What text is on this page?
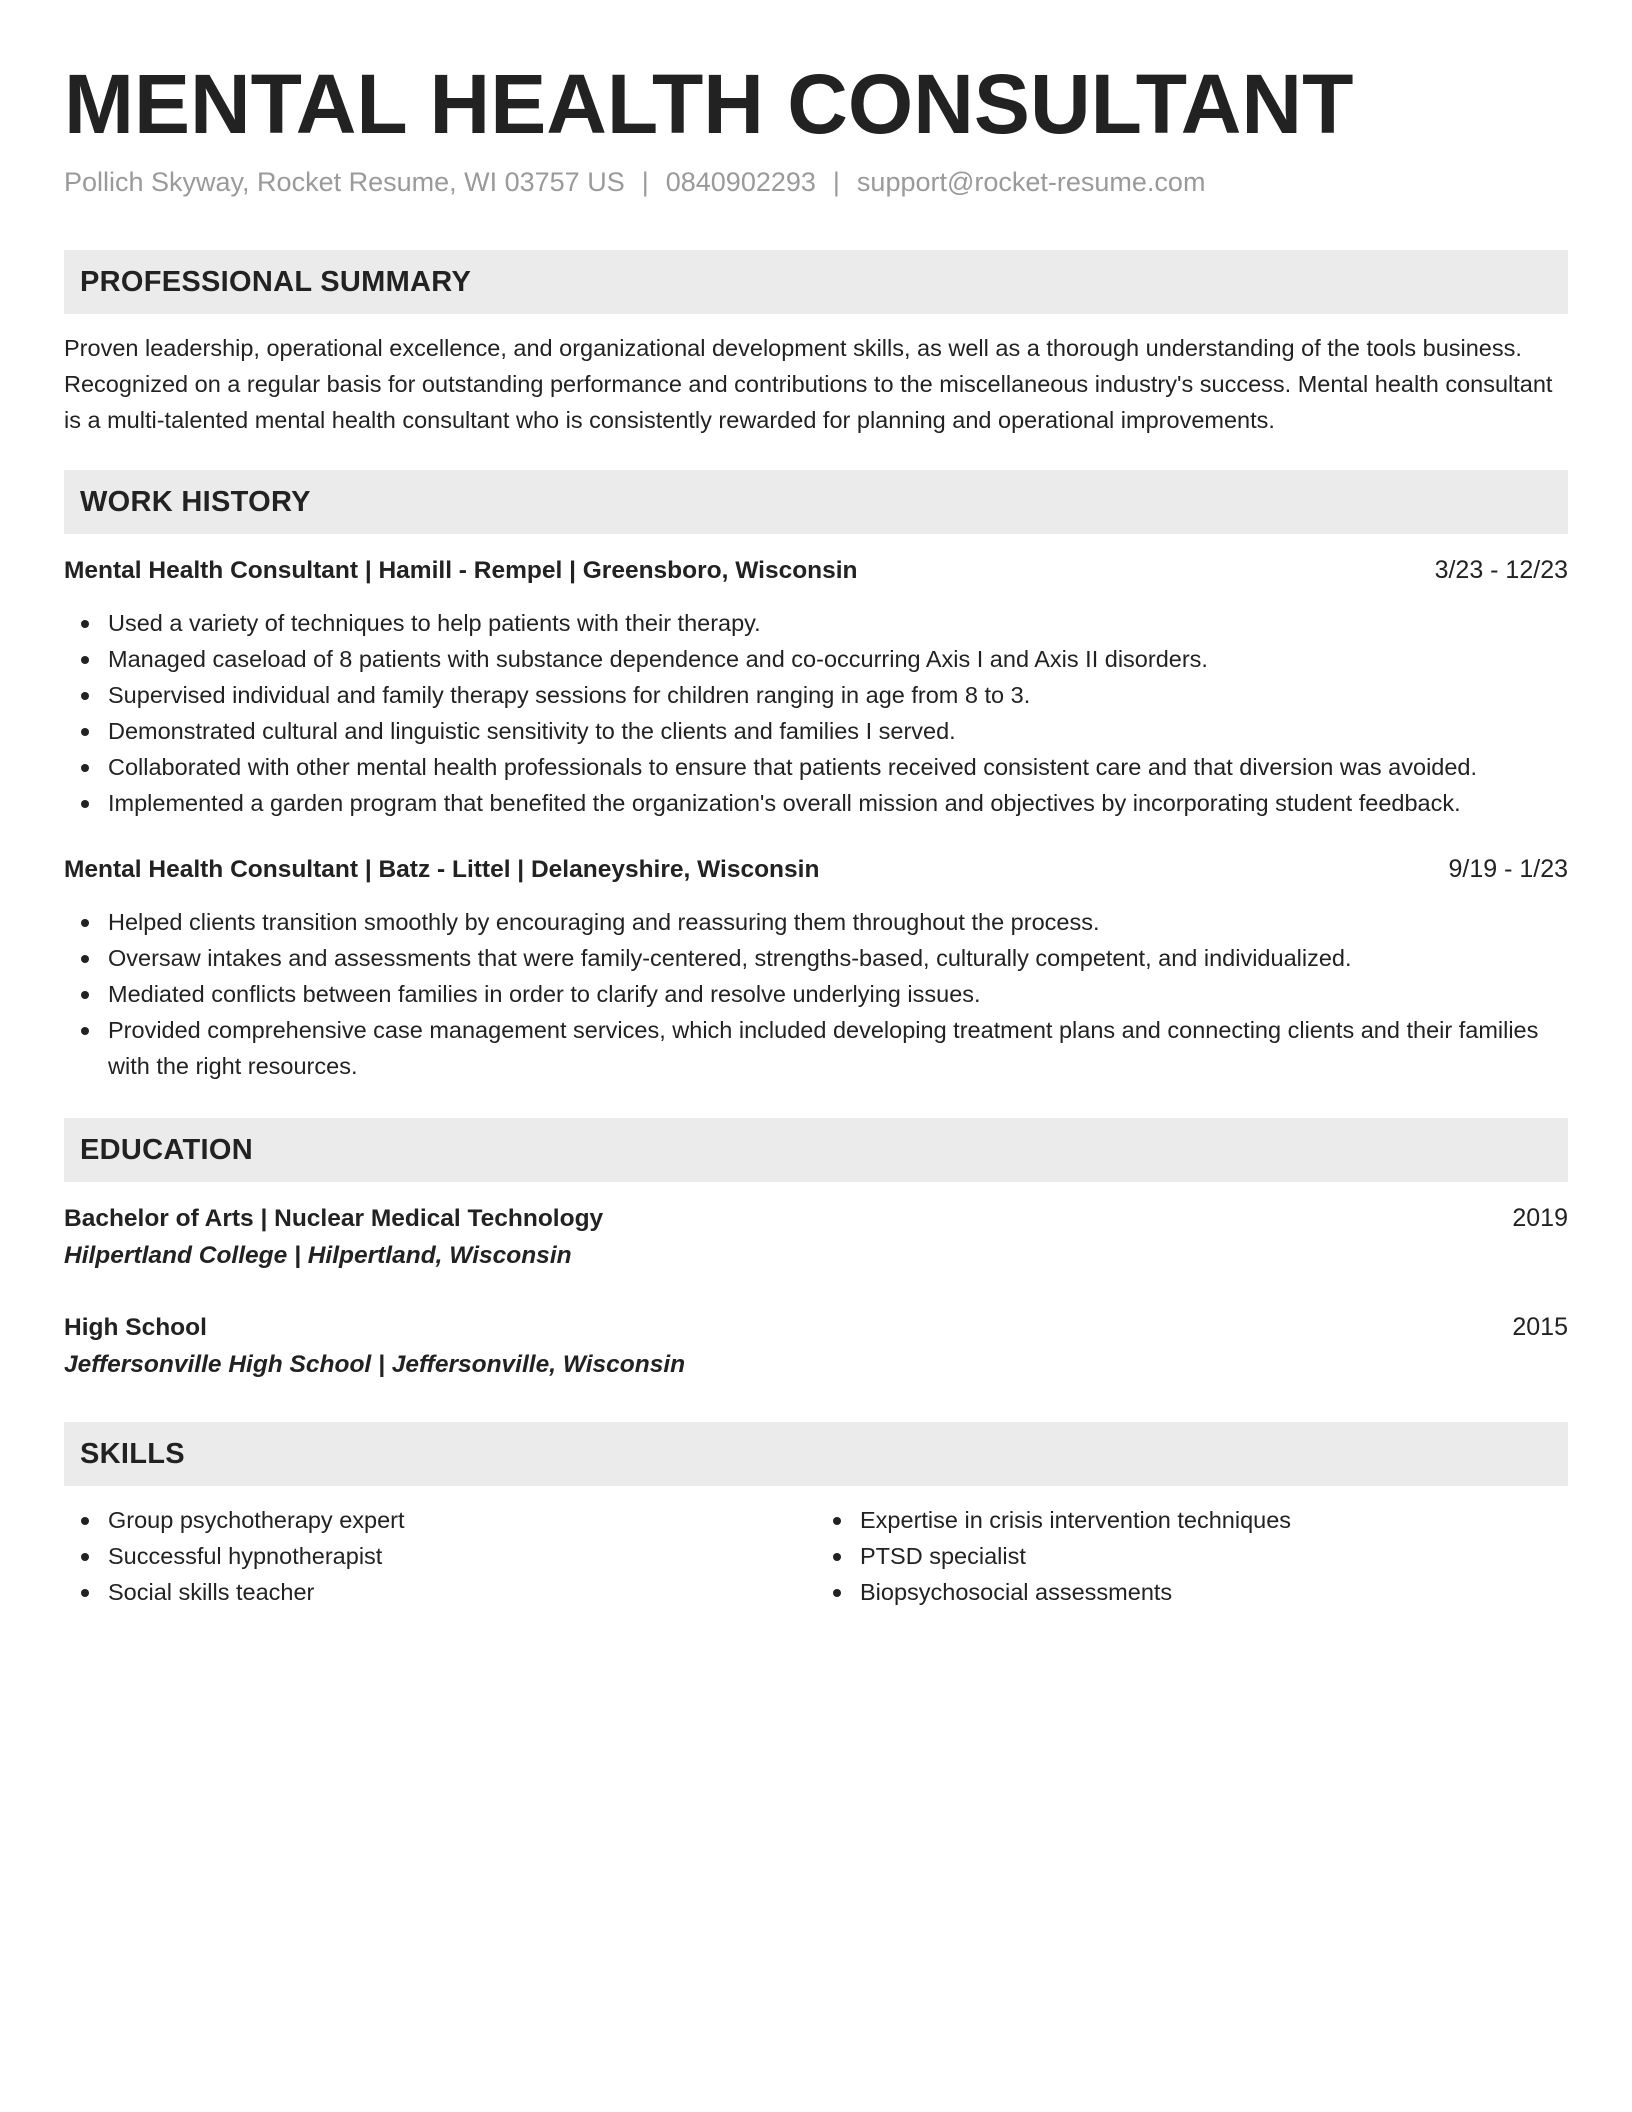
MENTAL HEALTH CONSULTANT
Pollich Skyway, Rocket Resume, WI 03757 US | 0840902293 | support@rocket-resume.com
PROFESSIONAL SUMMARY
Proven leadership, operational excellence, and organizational development skills, as well as a thorough understanding of the tools business. Recognized on a regular basis for outstanding performance and contributions to the miscellaneous industry's success. Mental health consultant is a multi-talented mental health consultant who is consistently rewarded for planning and operational improvements.
WORK HISTORY
Mental Health Consultant | Hamill - Rempel | Greensboro, Wisconsin	3/23 - 12/23
Used a variety of techniques to help patients with their therapy.
Managed caseload of 8 patients with substance dependence and co-occurring Axis I and Axis II disorders.
Supervised individual and family therapy sessions for children ranging in age from 8 to 3.
Demonstrated cultural and linguistic sensitivity to the clients and families I served.
Collaborated with other mental health professionals to ensure that patients received consistent care and that diversion was avoided.
Implemented a garden program that benefited the organization's overall mission and objectives by incorporating student feedback.
Mental Health Consultant | Batz - Littel | Delaneyshire, Wisconsin	9/19 - 1/23
Helped clients transition smoothly by encouraging and reassuring them throughout the process.
Oversaw intakes and assessments that were family-centered, strengths-based, culturally competent, and individualized.
Mediated conflicts between families in order to clarify and resolve underlying issues.
Provided comprehensive case management services, which included developing treatment plans and connecting clients and their families with the right resources.
EDUCATION
Bachelor of Arts | Nuclear Medical Technology	2019
Hilpertland College | Hilpertland, Wisconsin
High School	2015
Jeffersonville High School | Jeffersonville, Wisconsin
SKILLS
Group psychotherapy expert
Successful hypnotherapist
Social skills teacher
Expertise in crisis intervention techniques
PTSD specialist
Biopsychosocial assessments
